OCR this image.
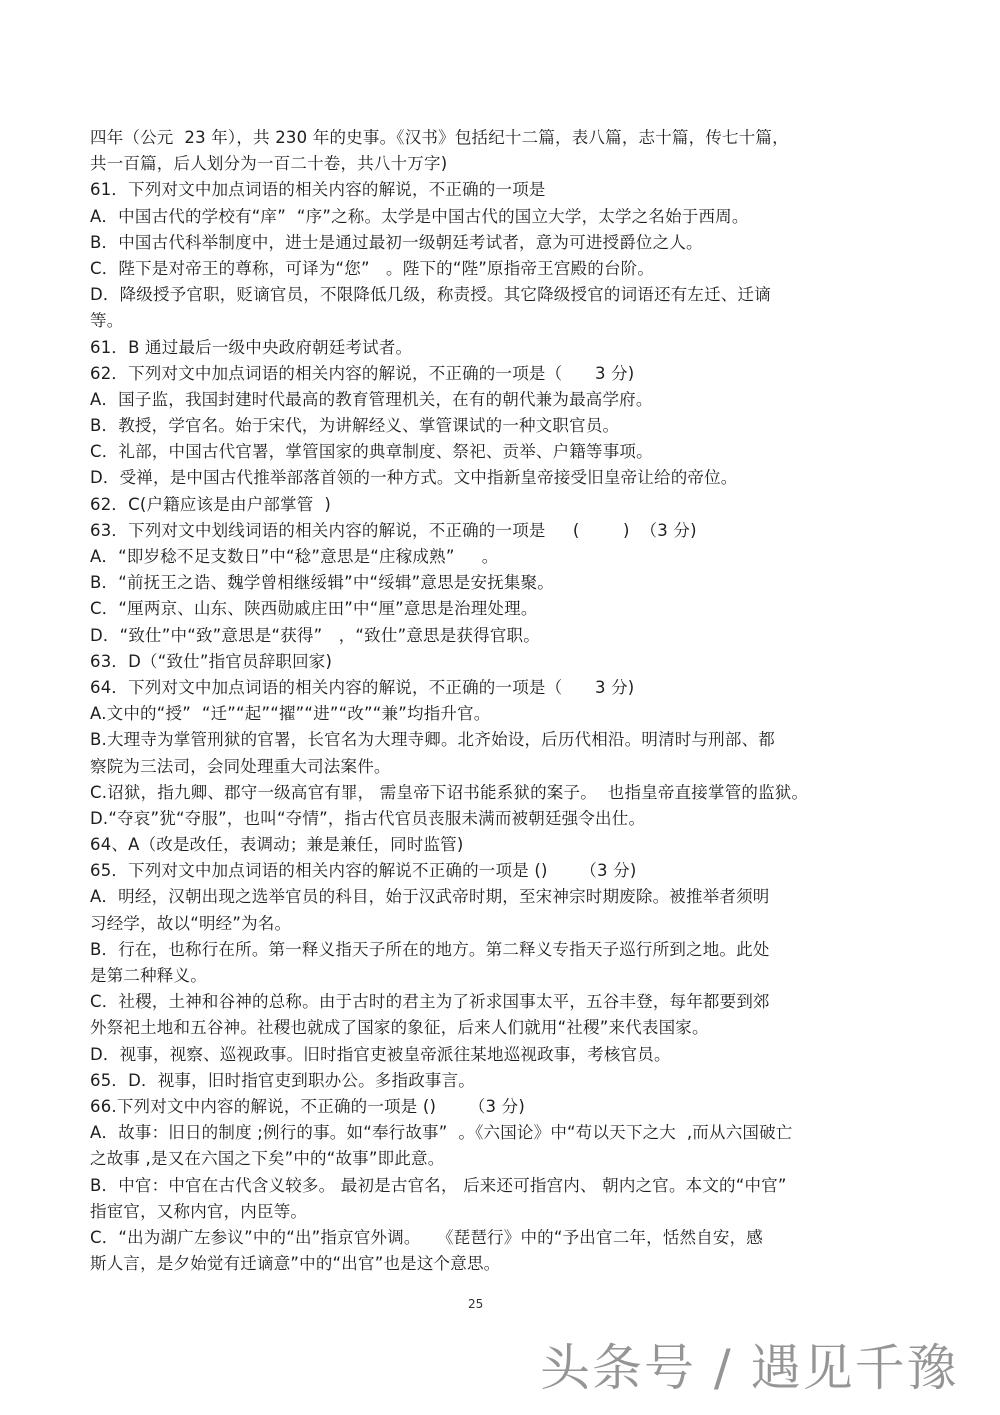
四年（公元  23 年），共 230 年的史事。《汉书》包括纪十二篇，表八篇，志十篇，传七十篇，
共一百篇，后人划分为一百二十卷，共八十万字)
61．下列对文中加点词语的相关内容的解说，不正确的一项是
A．中国古代的学校有“庠”  “序”之称。太学是中国古代的国立大学，太学之名始于西周。
B．中国古代科举制度中，进士是通过最初一级朝廷考试者，意为可进授爵位之人。
C．陛下是对帝王的尊称，可译为“您”   。陛下的“陛”原指帝王宫殿的台阶。
D．降级授予官职，贬谪官员，不限降低几级，称责授。其它降级授官的词语还有左迁、迁谪
等。
61．B 通过最后一级中央政府朝廷考试者。
62．下列对文中加点词语的相关内容的解说，不正确的一项是（      3 分)
A．国子监，我国封建时代最高的教育管理机关，在有的朝代兼为最高学府。
B．教授，学官名。始于宋代，为讲解经义、掌管课试的一种文职官员。
C．礼部，中国古代官署，掌管国家的典章制度、祭祀、贡举、户籍等事项。
D．受禅，是中国古代推举部落首领的一种方式。文中指新皇帝接受旧皇帝让给的帝位。
62．C(户籍应该是由户部掌管  )
63．下列对文中划线词语的相关内容的解说，不正确的一项是     (        )  （3 分)
A．“即岁稔不足支数日”中“稔”意思是“庄稼成熟”     。
B．“前抚王之诰、魏学曾相继绥辑”中“绥辑”意思是安抚集聚。
C．“厘两京、山东、陕西勋戚庄田”中“厘”意思是治理处理。
D．“致仕”中“致”意思是“获得”   ，“致仕”意思是获得官职。
63．D（“致仕”指官员辞职回家)
64．下列对文中加点词语的相关内容的解说，不正确的一项是（      3 分)
A.文中的“授”  “迁”“起”“擢”“进”“改”“兼”均指升官。
B.大理寺为掌管刑狱的官署，长官名为大理寺卿。北齐始设，后历代相沿。明清时与刑部、都
察院为三法司，会同处理重大司法案件。
C.诏狱，指九卿、郡守一级高官有罪， 需皇帝下诏书能系狱的案子。  也指皇帝直接掌管的监狱。
D.“夺哀”犹“夺服”，也叫“夺情”，指古代官员丧服未满而被朝廷强令出仕。
64、A（改是改任，表调动；兼是兼任，同时监管)
65．下列对文中加点词语的相关内容的解说不正确的一项是 ()      （3 分)
A．明经，汉朝出现之选举官员的科目，始于汉武帝时期，至宋神宗时期废除。被推举者须明
习经学，故以“明经”为名。
B．行在，也称行在所。第一释义指天子所在的地方。第二释义专指天子巡行所到之地。此处
是第二种释义。
C．社稷，土神和谷神的总称。由于古时的君主为了祈求国事太平，五谷丰登，每年都要到郊
外祭祀土地和五谷神。社稷也就成了国家的象征，后来人们就用“社稷”来代表国家。
D．视事，视察、巡视政事。旧时指官吏被皇帝派往某地巡视政事，考核官员。
65．D．视事，旧时指官吏到职办公。多指政事言。
66.下列对文中内容的解说，不正确的一项是 ()      （3 分)
A．故事：旧日的制度 ;例行的事。如“奉行故事”  。《六国论》中“苟以天下之大  ,而从六国破亡
之故事 ,是又在六国之下矣”中的“故事”即此意。
B．中官：中官在古代含义较多。 最初是古官名， 后来还可指宫内、 朝内之官。本文的“中官”
指宦官，又称内官，内臣等。
C．“出为湖广左参议”中的“出”指京官外调。   《琵琶行》中的“予出官二年，恬然自安，感
斯人言，是夕始觉有迁谪意”中的“出官”也是这个意思。
25
头条号 / 遇见千豫
